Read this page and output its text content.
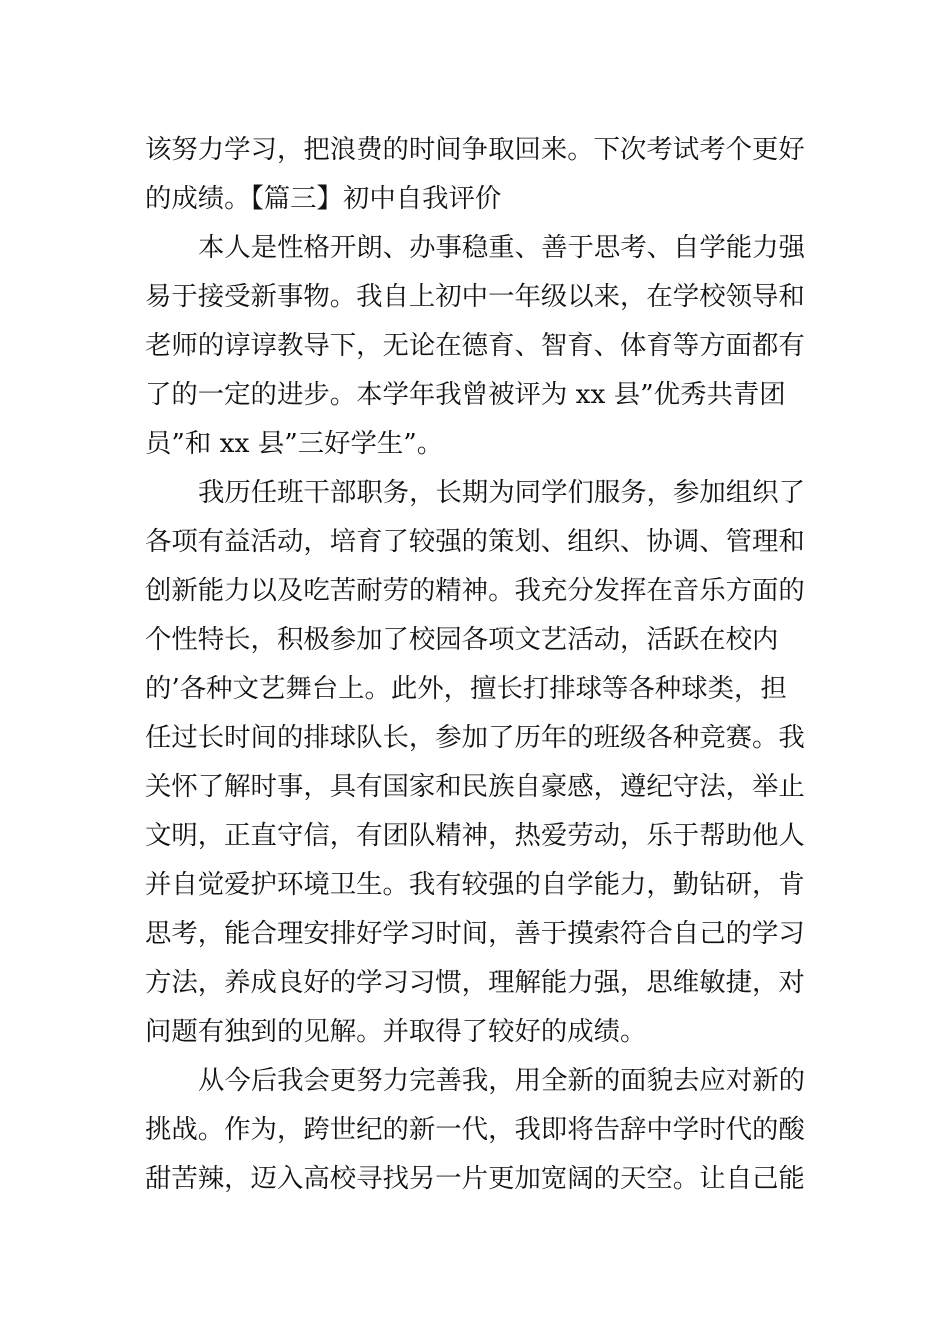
该努力学习，把浪费的时间争取回来。下次考试考个更好
的成绩。【篇三】初中自我评价
本人是性格开朗、办事稳重、善于思考、自学能力强
易于接受新事物。我自上初中一年级以来，在学校领导和
老师的谆谆教导下，无论在德育、智育、体育等方面都有
了的一定的进步。本学年我曾被评为 xx 县”优秀共青团
员”和 xx 县”三好学生”。
我历任班干部职务，长期为同学们服务，参加组织了
各项有益活动，培育了较强的策划、组织、协调、管理和
创新能力以及吃苦耐劳的精神。我充分发挥在音乐方面的
个性特长，积极参加了校园各项文艺活动，活跃在校内
的’各种文艺舞台上。此外，擅长打排球等各种球类，担
任过长时间的排球队长，参加了历年的班级各种竞赛。我
关怀了解时事，具有国家和民族自豪感，遵纪守法，举止
文明，正直守信，有团队精神，热爱劳动，乐于帮助他人
并自觉爱护环境卫生。我有较强的自学能力，勤钻研，肯
思考，能合理安排好学习时间，善于摸索符合自己的学习
方法，养成良好的学习习惯，理解能力强，思维敏捷，对
问题有独到的见解。并取得了较好的成绩。
从今后我会更努力完善我，用全新的面貌去应对新的
挑战。作为，跨世纪的新一代，我即将告辞中学时代的酸
甜苦辣，迈入高校寻找另一片更加宽阔的天空。让自己能
